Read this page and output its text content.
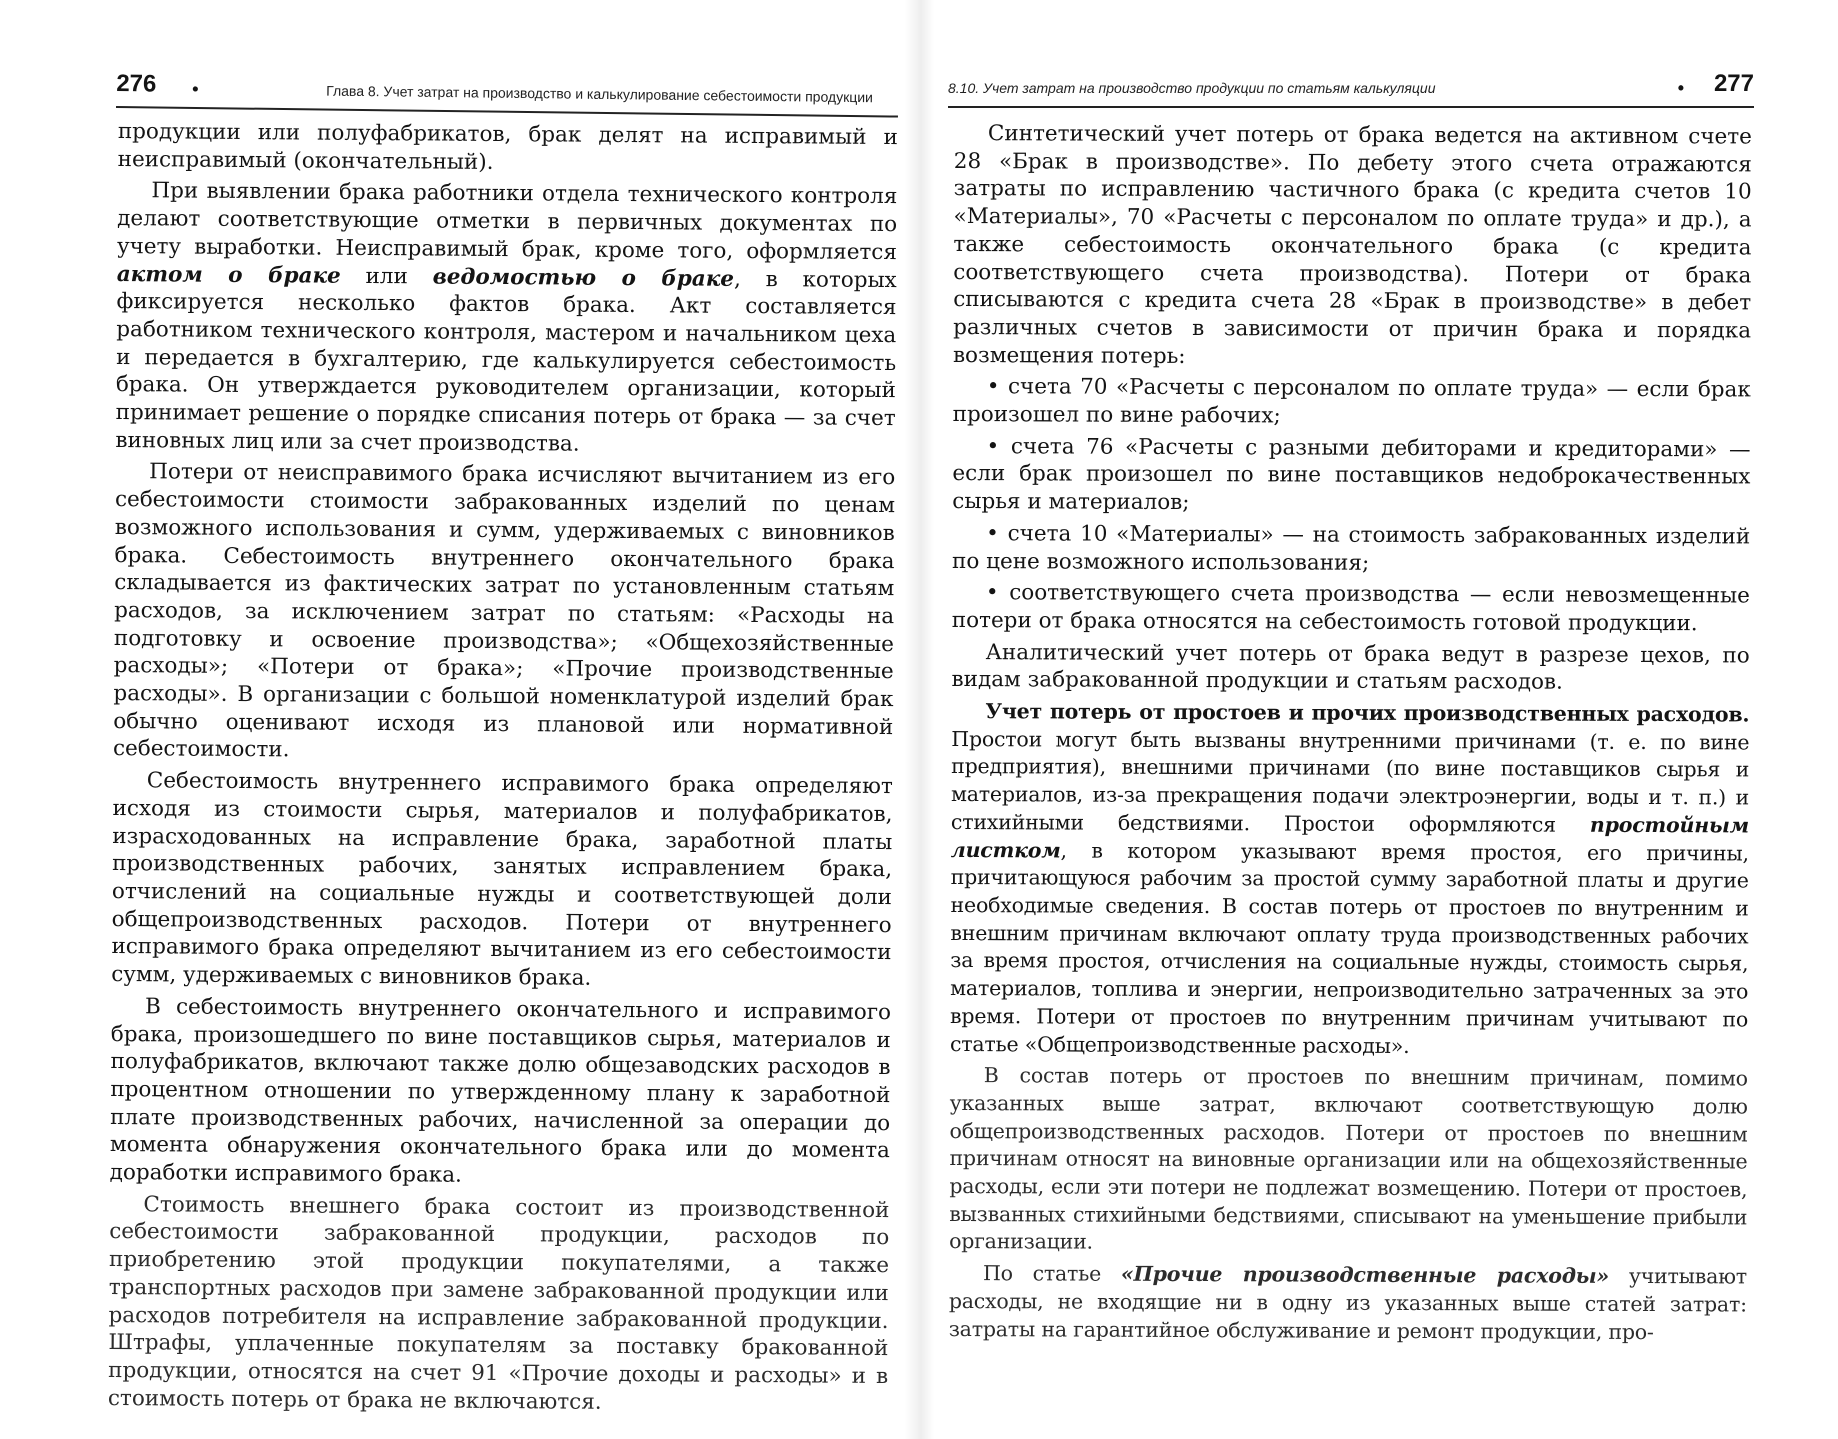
276 •	Глава 8. Учет затрат на производство и калькулирование себестоимости продукции

продукции или полуфабрикатов, брак делят на исправимый и неисправимый (окончательный).

При выявлении брака работники отдела технического контроля делают соответствующие отметки в первичных документах по учету выработки. Неисправимый брак, кроме того, оформляется актом о браке или ведомостью о браке, в которых фиксируется несколько фактов брака. Акт составляется работником технического контроля, мастером и начальником цеха и передается в бухгалтерию, где калькулируется себестоимость брака. Он утверждается руководителем организации, который принимает решение о порядке списания потерь от брака — за счет виновных лиц или за счет производства.

Потери от неисправимого брака исчисляют вычитанием из его себестоимости стоимости забракованных изделий по ценам возможного использования и сумм, удерживаемых с виновников брака. Себестоимость внутреннего окончательного брака складывается из фактических затрат по установленным статьям расходов, за исключением затрат по статьям: «Расходы на подготовку и освоение производства»; «Общехозяйственные расходы»; «Потери от брака»; «Прочие производственные расходы». В организации с большой номенклатурой изделий брак обычно оценивают исходя из плановой или нормативной себестоимости.

Себестоимость внутреннего исправимого брака определяют исходя из стоимости сырья, материалов и полуфабрикатов, израсходованных на исправление брака, заработной платы производственных рабочих, занятых исправлением брака, отчислений на социальные нужды и соответствующей доли общепроизводственных расходов. Потери от внутреннего исправимого брака определяют вычитанием из его себестоимости сумм, удерживаемых с виновников брака.

В себестоимость внутреннего окончательного и исправимого брака, произошедшего по вине поставщиков сырья, материалов и полуфабрикатов, включают также долю общезаводских расходов в процентном отношении по утвержденному плану к заработной плате производственных рабочих, начисленной за операции до момента обнаружения окончательного брака или до момента доработки исправимого брака.

Стоимость внешнего брака состоит из производственной себестоимости забракованной продукции, расходов по приобретению этой продукции покупателями, а также транспортных расходов при замене забракованной продукции или расходов потребителя на исправление забракованной продукции. Штрафы, уплаченные покупателям за поставку бракованной продукции, относятся на счет 91 «Прочие доходы и расходы» и в стоимость потерь от брака не включаются.

8.10. Учет затрат на производство продукции по статьям калькуляции	• 277

Синтетический учет потерь от брака ведется на активном счете 28 «Брак в производстве». По дебету этого счета отражаются затраты по исправлению частичного брака (с кредита счетов 10 «Материалы», 70 «Расчеты с персоналом по оплате труда» и др.), а также себестоимость окончательного брака (с кредита соответствующего счета производства). Потери от брака списываются с кредита счета 28 «Брак в производстве» в дебет различных счетов в зависимости от причин брака и порядка возмещения потерь:

• счета 70 «Расчеты с персоналом по оплате труда» — если брак произошел по вине рабочих;

• счета 76 «Расчеты с разными дебиторами и кредиторами» — если брак произошел по вине поставщиков недоброкачественных сырья и материалов;

• счета 10 «Материалы» — на стоимость забракованных изделий по цене возможного использования;

• соответствующего счета производства — если невозмещенные потери от брака относятся на себестоимость готовой продукции.

Аналитический учет потерь от брака ведут в разрезе цехов, по видам забракованной продукции и статьям расходов.

Учет потерь от простоев и прочих производственных расходов. Простои могут быть вызваны внутренними причинами (т. е. по вине предприятия), внешними причинами (по вине поставщиков сырья и материалов, из-за прекращения подачи электроэнергии, воды и т. п.) и стихийными бедствиями. Простои оформляются простойным листком, в котором указывают время простоя, его причины, причитающуюся рабочим за простой сумму заработной платы и другие необходимые сведения. В состав потерь от простоев по внутренним и внешним причинам включают оплату труда производственных рабочих за время простоя, отчисления на социальные нужды, стоимость сырья, материалов, топлива и энергии, непроизводительно затраченных за это время. Потери от простоев по внутренним причинам учитывают по статье «Общепроизводственные расходы».

В состав потерь от простоев по внешним причинам, помимо указанных выше затрат, включают соответствующую долю общепроизводственных расходов. Потери от простоев по внешним причинам относят на виновные организации или на общехозяйственные расходы, если эти потери не подлежат возмещению. Потери от простоев, вызванных стихийными бедствиями, списывают на уменьшение прибыли организации.

По статье «Прочие производственные расходы» учитывают расходы, не входящие ни в одну из указанных выше статей затрат: затраты на гарантийное обслуживание и ремонт продукции, про-
